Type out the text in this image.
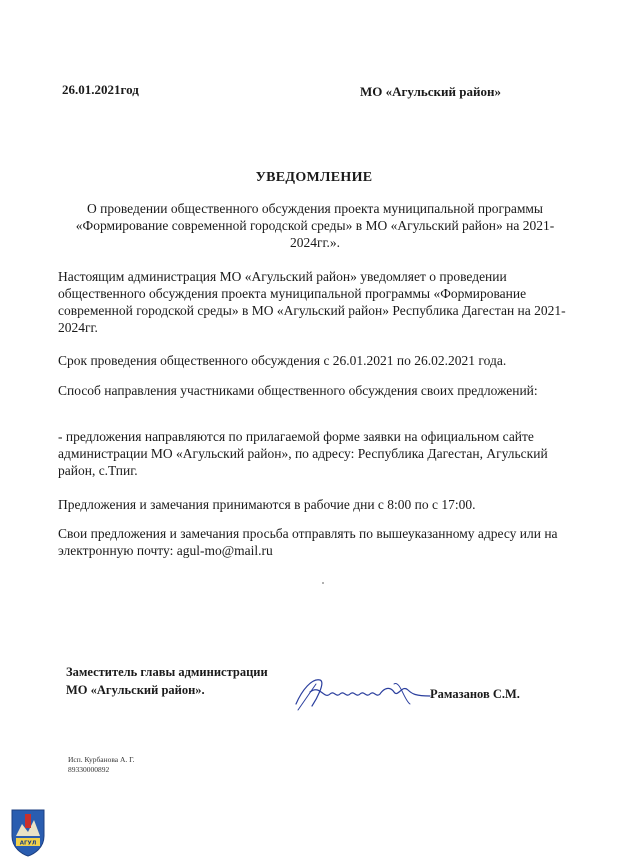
26.01.2021год	МО «Агульский район»
УВЕДОМЛЕНИЕ
О проведении общественного обсуждения проекта муниципальной программы «Формирование современной городской среды» в МО «Агульский район» на 2021-2024гг.».
Настоящим администрация МО «Агульский район» уведомляет о проведении общественного обсуждения проекта муниципальной программы «Формирование современной городской среды» в МО «Агульский район» Республика Дагестан на 2021-2024гг.
Срок проведения общественного обсуждения с 26.01.2021 по 26.02.2021 года.
Способ направления участниками общественного обсуждения своих предложений:
- предложения направляются по прилагаемой форме заявки на официальном сайте администрации МО «Агульский район», по адресу: Республика Дагестан, Агульский район, с.Тпиг.
Предложения и замечания принимаются в рабочие дни с 8:00 по с 17:00.
Свои предложения и замечания просьба отправлять по вышеуказанному адресу или на электронную почту: agul-mo@mail.ru
Заместитель главы администрации
МО «Агульский район».	Рамазанов С.М.
Исп. Курбанова А. Г.
89330000892
АГУЛ
